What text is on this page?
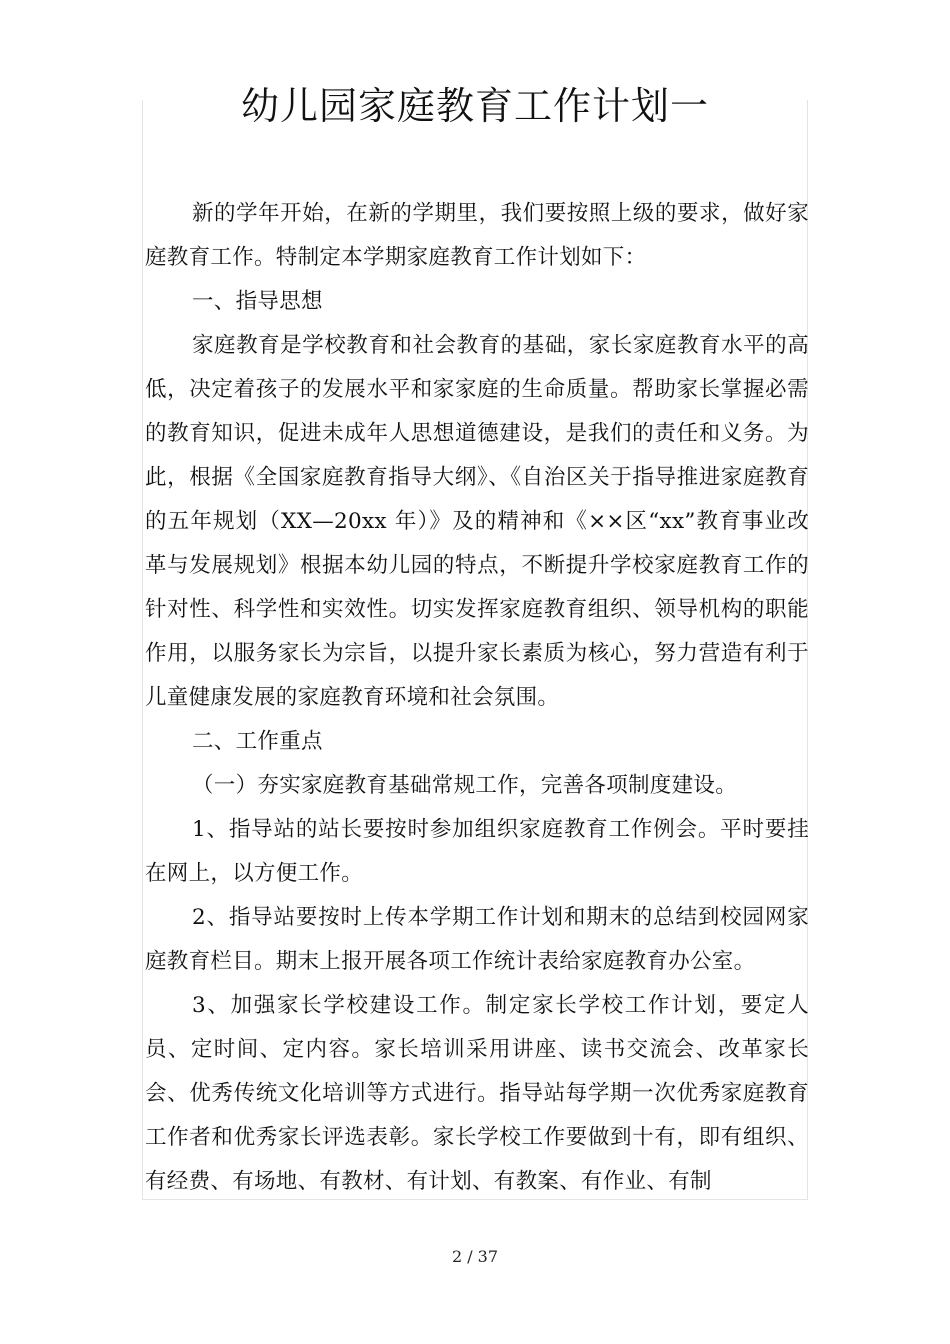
幼儿园家庭教育工作计划一

新的学年开始，在新的学期里，我们要按照上级的要求，做好家庭教育工作。特制定本学期家庭教育工作计划如下：

一、指导思想

家庭教育是学校教育和社会教育的基础，家长家庭教育水平的高低，决定着孩子的发展水平和家家庭的生命质量。帮助家长掌握必需的教育知识，促进未成年人思想道德建设，是我们的责任和义务。为此，根据《全国家庭教育指导大纲》、《自治区关于指导推进家庭教育的五年规划（XX—20xx 年）》及的精神和《××区“xx”教育事业改革与发展规划》根据本幼儿园的特点，不断提升学校家庭教育工作的针对性、科学性和实效性。切实发挥家庭教育组织、领导机构的职能作用，以服务家长为宗旨，以提升家长素质为核心，努力营造有利于儿童健康发展的家庭教育环境和社会氛围。

二、工作重点

（一）夯实家庭教育基础常规工作，完善各项制度建设。

1、指导站的站长要按时参加组织家庭教育工作例会。平时要挂在网上，以方便工作。

2、指导站要按时上传本学期工作计划和期末的总结到校园网家庭教育栏目。期末上报开展各项工作统计表给家庭教育办公室。

3、加强家长学校建设工作。制定家长学校工作计划，要定人员、定时间、定内容。家长培训采用讲座、读书交流会、改革家长会、优秀传统文化培训等方式进行。指导站每学期一次优秀家庭教育工作者和优秀家长评选表彰。家长学校工作要做到十有，即有组织、有经费、有场地、有教材、有计划、有教案、有作业、有制

2 / 37
